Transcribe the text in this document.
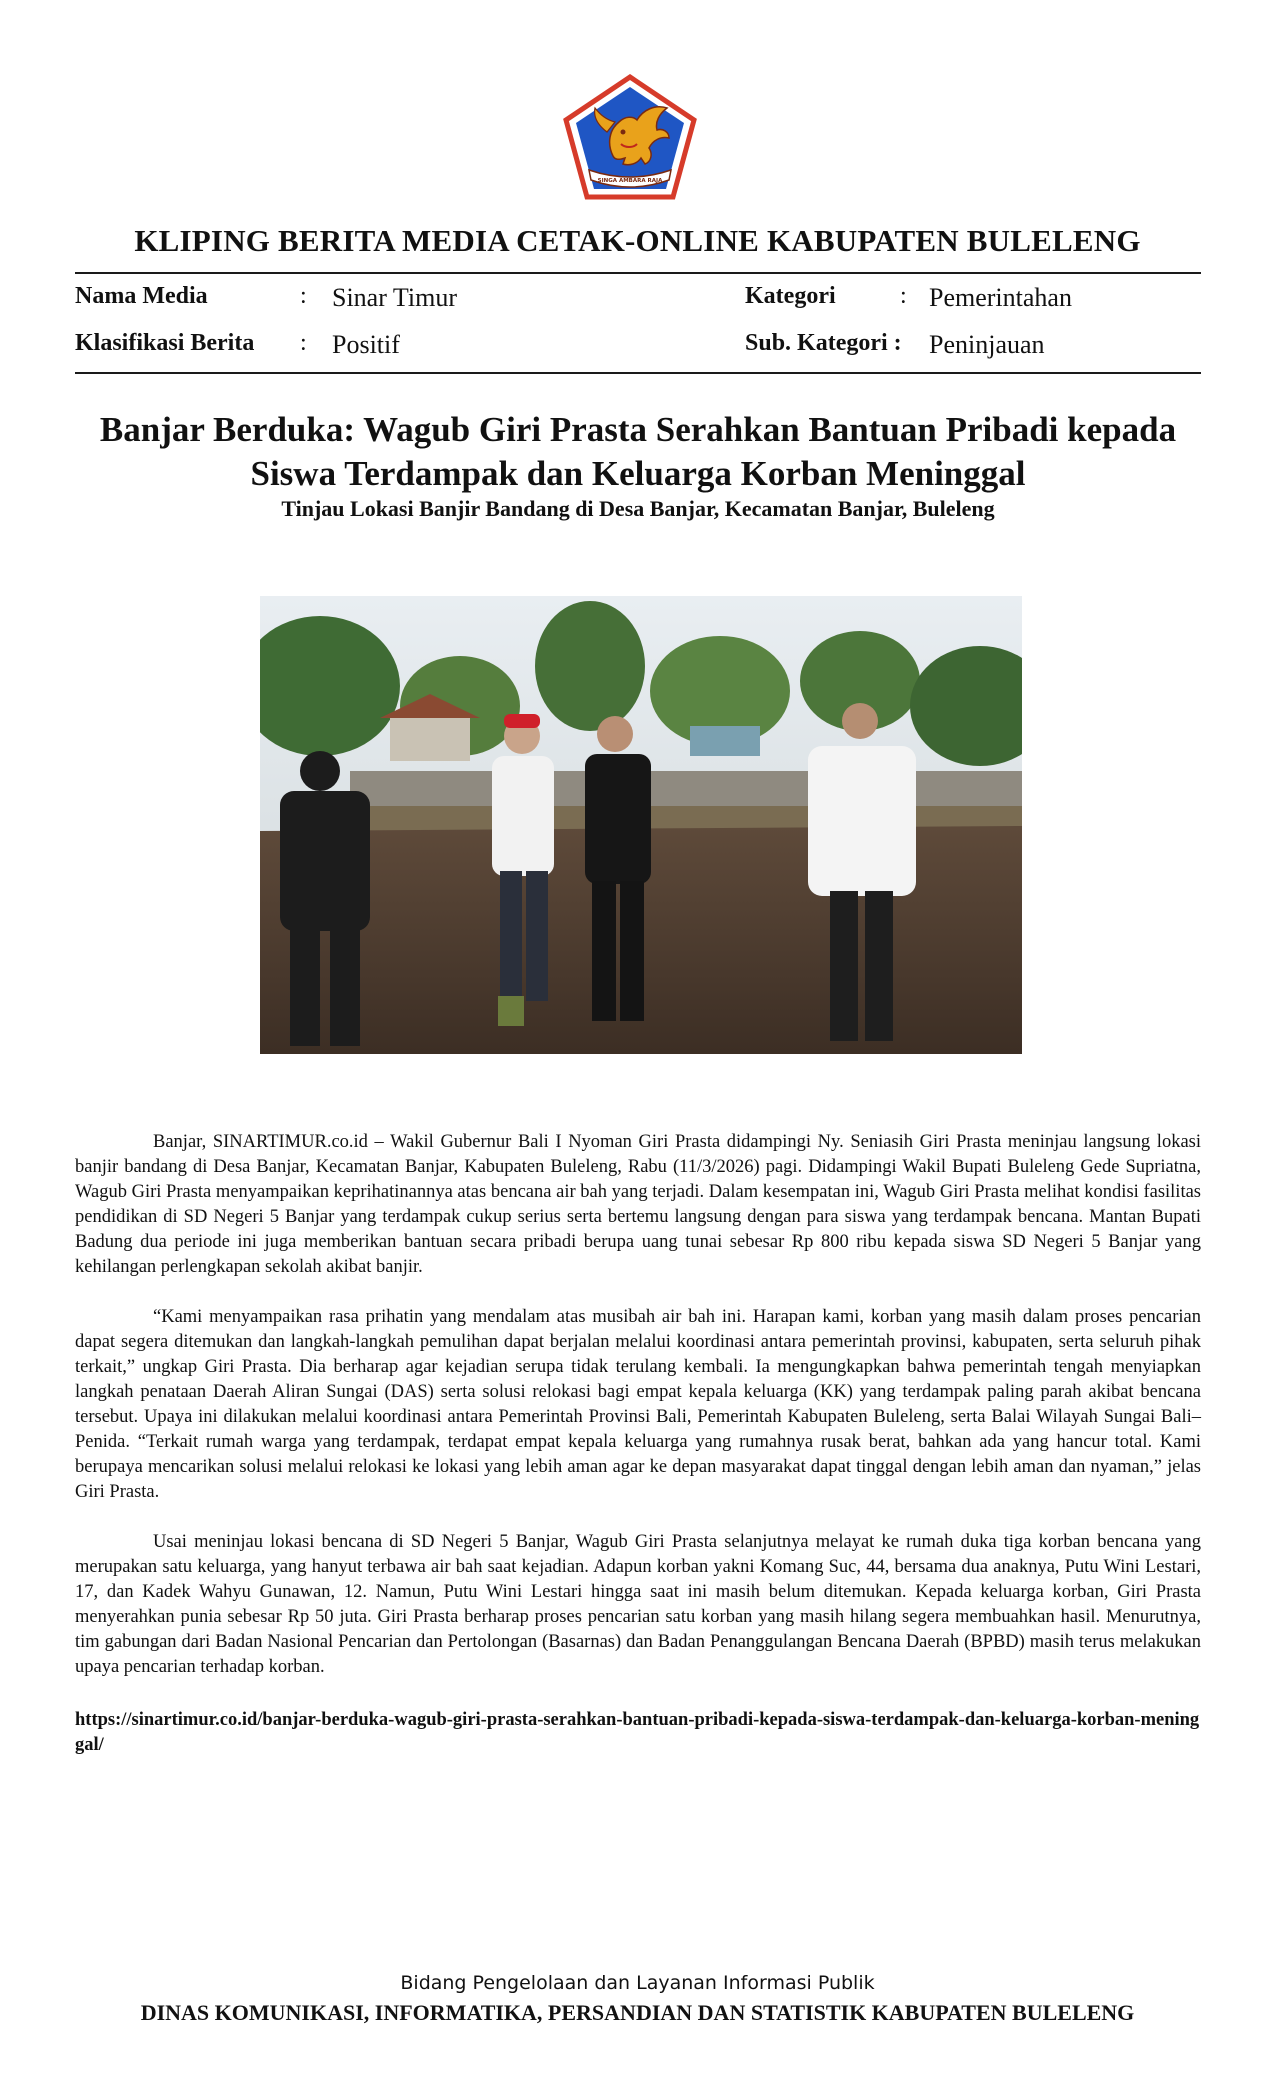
SINGA AMBARA RAJA
KLIPING BERITA MEDIA CETAK-ONLINE KABUPATEN BULELENG
Nama Media	: Sinar Timur	Kategori	: Pemerintahan
Klasifikasi Berita : Positif	Sub. Kategori : Peninjauan
Banjar Berduka: Wagub Giri Prasta Serahkan Bantuan Pribadi kepada Siswa Terdampak dan Keluarga Korban Meninggal
Tinjau Lokasi Banjir Bandang di Desa Banjar, Kecamatan Banjar, Buleleng

Banjar, SINARTIMUR.co.id – Wakil Gubernur Bali I Nyoman Giri Prasta didampingi Ny. Seniasih Giri Prasta meninjau langsung lokasi banjir bandang di Desa Banjar, Kecamatan Banjar, Kabupaten Buleleng, Rabu (11/3/2026) pagi. Didampingi Wakil Bupati Buleleng Gede Supriatna, Wagub Giri Prasta menyampaikan keprihatinannya atas bencana air bah yang terjadi. Dalam kesempatan ini, Wagub Giri Prasta melihat kondisi fasilitas pendidikan di SD Negeri 5 Banjar yang terdampak cukup serius serta bertemu langsung dengan para siswa yang terdampak bencana. Mantan Bupati Badung dua periode ini juga memberikan bantuan secara pribadi berupa uang tunai sebesar Rp 800 ribu kepada siswa SD Negeri 5 Banjar yang kehilangan perlengkapan sekolah akibat banjir.

“Kami menyampaikan rasa prihatin yang mendalam atas musibah air bah ini. Harapan kami, korban yang masih dalam proses pencarian dapat segera ditemukan dan langkah-langkah pemulihan dapat berjalan melalui koordinasi antara pemerintah provinsi, kabupaten, serta seluruh pihak terkait,” ungkap Giri Prasta. Dia berharap agar kejadian serupa tidak terulang kembali. Ia mengungkapkan bahwa pemerintah tengah menyiapkan langkah penataan Daerah Aliran Sungai (DAS) serta solusi relokasi bagi empat kepala keluarga (KK) yang terdampak paling parah akibat bencana tersebut. Upaya ini dilakukan melalui koordinasi antara Pemerintah Provinsi Bali, Pemerintah Kabupaten Buleleng, serta Balai Wilayah Sungai Bali–Penida. “Terkait rumah warga yang terdampak, terdapat empat kepala keluarga yang rumahnya rusak berat, bahkan ada yang hancur total. Kami berupaya mencarikan solusi melalui relokasi ke lokasi yang lebih aman agar ke depan masyarakat dapat tinggal dengan lebih aman dan nyaman,” jelas Giri Prasta.

Usai meninjau lokasi bencana di SD Negeri 5 Banjar, Wagub Giri Prasta selanjutnya melayat ke rumah duka tiga korban bencana yang merupakan satu keluarga, yang hanyut terbawa air bah saat kejadian. Adapun korban yakni Komang Suc, 44, bersama dua anaknya, Putu Wini Lestari, 17, dan Kadek Wahyu Gunawan, 12. Namun, Putu Wini Lestari hingga saat ini masih belum ditemukan. Kepada keluarga korban, Giri Prasta menyerahkan punia sebesar Rp 50 juta. Giri Prasta berharap proses pencarian satu korban yang masih hilang segera membuahkan hasil. Menurutnya, tim gabungan dari Badan Nasional Pencarian dan Pertolongan (Basarnas) dan Badan Penanggulangan Bencana Daerah (BPBD) masih terus melakukan upaya pencarian terhadap korban.

https://sinartimur.co.id/banjar-berduka-wagub-giri-prasta-serahkan-bantuan-pribadi-kepada-siswa-terdampak-dan-keluarga-korban-meninggal/
Bidang Pengelolaan dan Layanan Informasi Publik
DINAS KOMUNIKASI, INFORMATIKA, PERSANDIAN DAN STATISTIK KABUPATEN BULELENG
